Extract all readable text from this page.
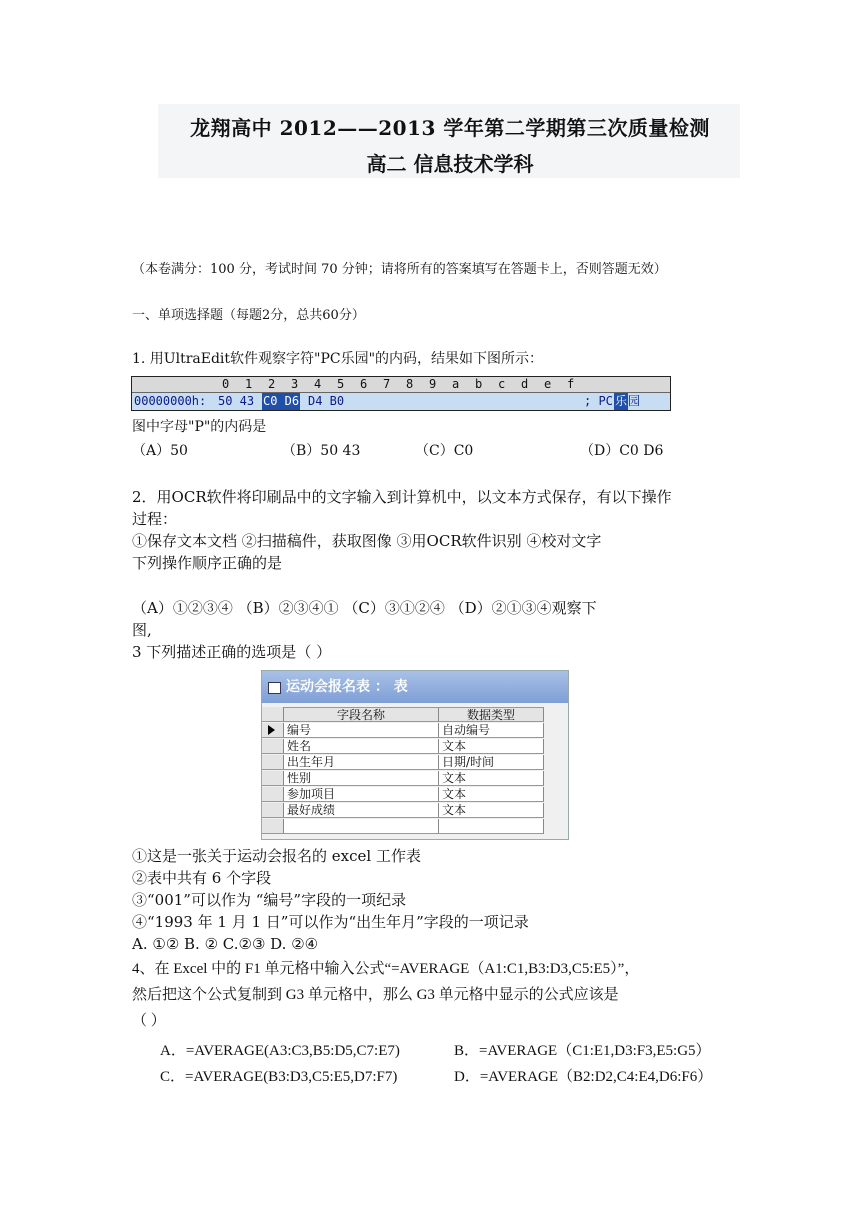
龙翔高中 2012——2013 学年第二学期第三次质量检测
高二 信息技术学科
（本卷满分：100 分，考试时间 70 分钟；请将所有的答案填写在答题卡上，否则答题无效）
一、单项选择题（每题2分，总共60分）
1. 用UltraEdit软件观察字符"PC乐园"的内码，结果如下图所示：
0 1 2 3 4 5 6 7 8 9 a b c d e f
00000000h: 50 43 C0 D6 D4 B0	; PC 乐 园
图中字母"P"的内码是
（A）50	（B）50 43	（C）C0	（D）C0 D6
2．用OCR软件将印刷品中的文字输入到计算机中，以文本方式保存，有以下操作
过程：
①保存文本文档 ②扫描稿件，获取图像 ③用OCR软件识别 ④校对文字
下列操作顺序正确的是
（A）①②③④ （B）②③④① （C）③①②④ （D）②①③④观察下
图,
3 下列描述正确的选项是（ ）
运动会报名表 ： 表
字段名称	数据类型
编号	自动编号
姓名	文本
出生年月	日期/时间
性别	文本
参加项目	文本
最好成绩	文本
①这是一张关于运动会报名的 excel 工作表
②表中共有 6 个字段
③“001”可以作为 “编号”字段的一项纪录
④“1993 年 1 月 1 日”可以作为“出生年月”字段的一项记录
A. ①② B. ② C.②③ D. ②④
4、在 Excel 中的 F1 单元格中输入公式“=AVERAGE（A1:C1,B3:D3,C5:E5）”，
然后把这个公式复制到 G3 单元格中，那么 G3 单元格中显示的公式应该是
（ ）
A．=AVERAGE(A3:C3,B5:D5,C7:E7)	B．=AVERAGE（C1:E1,D3:F3,E5:G5）
C．=AVERAGE(B3:D3,C5:E5,D7:F7)	D．=AVERAGE（B2:D2,C4:E4,D6:F6）
